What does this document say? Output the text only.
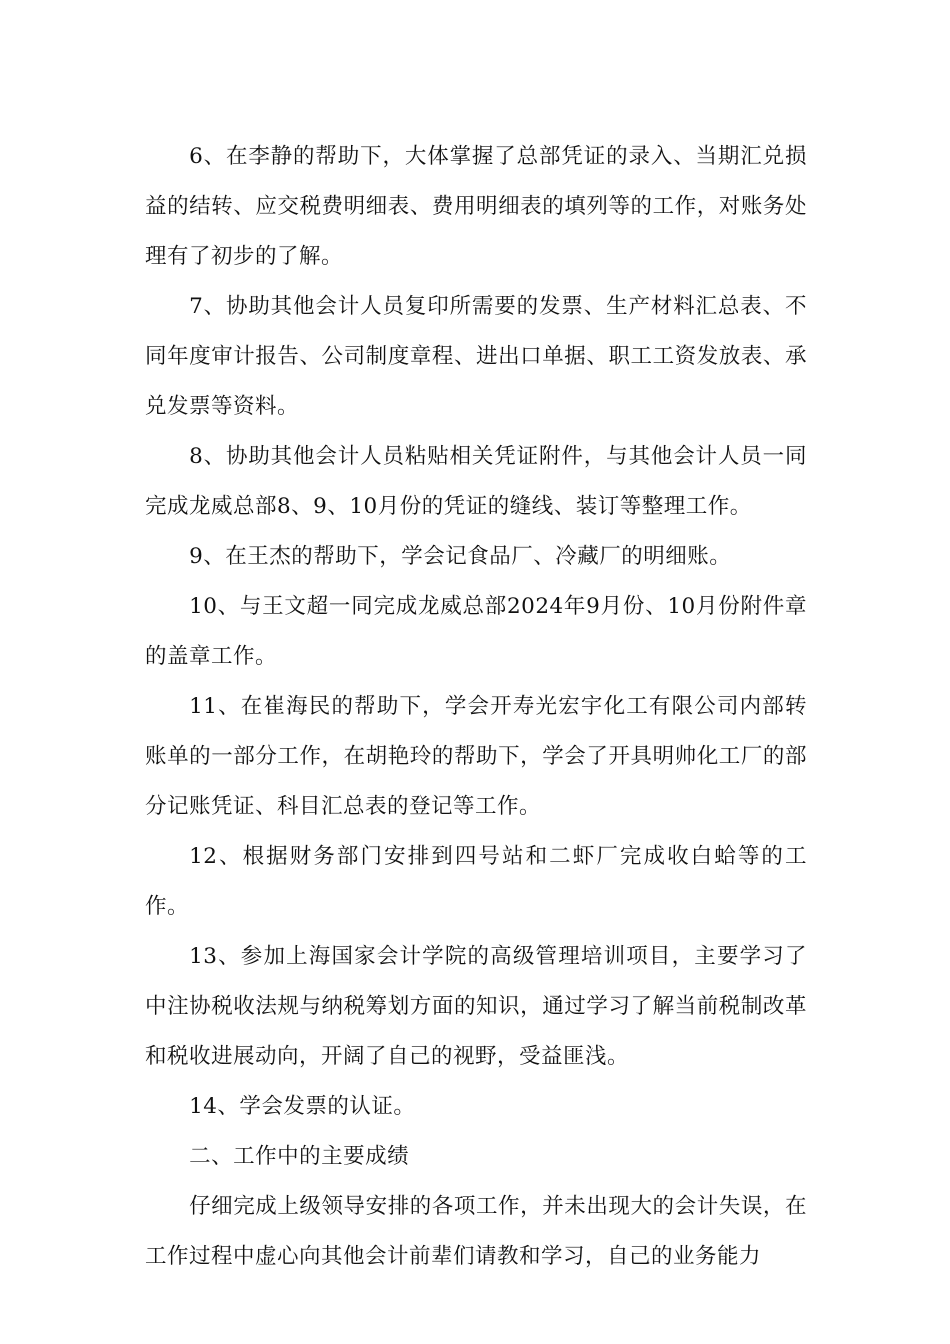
6、在李静的帮助下，大体掌握了总部凭证的录入、当期汇兑损益的结转、应交税费明细表、费用明细表的填列等的工作，对账务处理有了初步的了解。

7、协助其他会计人员复印所需要的发票、生产材料汇总表、不同年度审计报告、公司制度章程、进出口单据、职工工资发放表、承兑发票等资料。

8、协助其他会计人员粘贴相关凭证附件，与其他会计人员一同完成龙威总部8、9、10月份的凭证的缝线、装订等整理工作。

9、在王杰的帮助下，学会记食品厂、冷藏厂的明细账。

10、与王文超一同完成龙威总部2024年9月份、10月份附件章的盖章工作。

11、在崔海民的帮助下，学会开寿光宏宇化工有限公司内部转账单的一部分工作，在胡艳玲的帮助下，学会了开具明帅化工厂的部分记账凭证、科目汇总表的登记等工作。

12、根据财务部门安排到四号站和二虾厂完成收白蛤等的工作。

13、参加上海国家会计学院的高级管理培训项目，主要学习了中注协税收法规与纳税筹划方面的知识，通过学习了解当前税制改革和税收进展动向，开阔了自己的视野，受益匪浅。

14、学会发票的认证。

二、工作中的主要成绩

仔细完成上级领导安排的各项工作，并未出现大的会计失误，在工作过程中虚心向其他会计前辈们请教和学习，自己的业务能力
